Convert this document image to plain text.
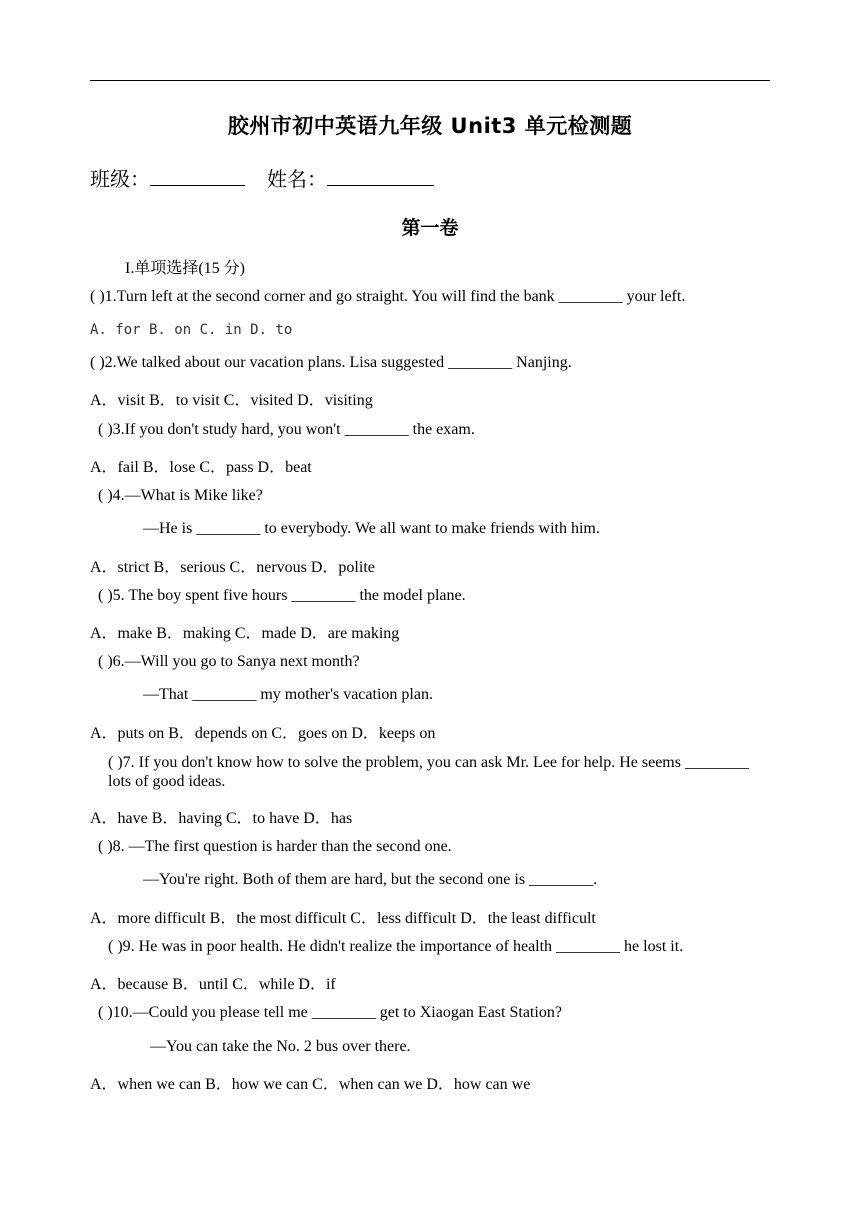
胶州市初中英语九年级 Unit3 单元检测题
班级：	姓名：
第一卷
I.单项选择(15 分)
( )1.Turn left at the second corner and go straight. You will find the bank ________ your left.
A. for B. on C. in D. to
( )2.We talked about our vacation plans. Lisa suggested ________ Nanjing.
A．visit B．to visit C．visited D．visiting
( )3.If you don't study hard, you won't ________ the exam.
A．fail B．lose C．pass D．beat
( )4.—What is Mike like?
—He is ________ to everybody. We all want to make friends with him.
A．strict B．serious C．nervous D．polite
( )5. The boy spent five hours ________ the model plane.
A．make B．making C．made D．are making
( )6.—Will you go to Sanya next month?
—That ________ my mother's vacation plan.
A．puts on B．depends on C．goes on D．keeps on
( )7. If you don't know how to solve the problem, you can ask Mr. Lee for help. He seems ________ lots of good ideas.
A．have B．having C．to have D．has
( )8. —The first question is harder than the second one.
—You're right. Both of them are hard, but the second one is ________.
A．more difficult B．the most difficult C．less difficult D．the least difficult
( )9. He was in poor health. He didn't realize the importance of health ________ he lost it.
A．because B．until C．while D．if
( )10.—Could you please tell me ________ get to Xiaogan East Station?
—You can take the No. 2 bus over there.
A．when we can B．how we can C．when can we D．how can we
